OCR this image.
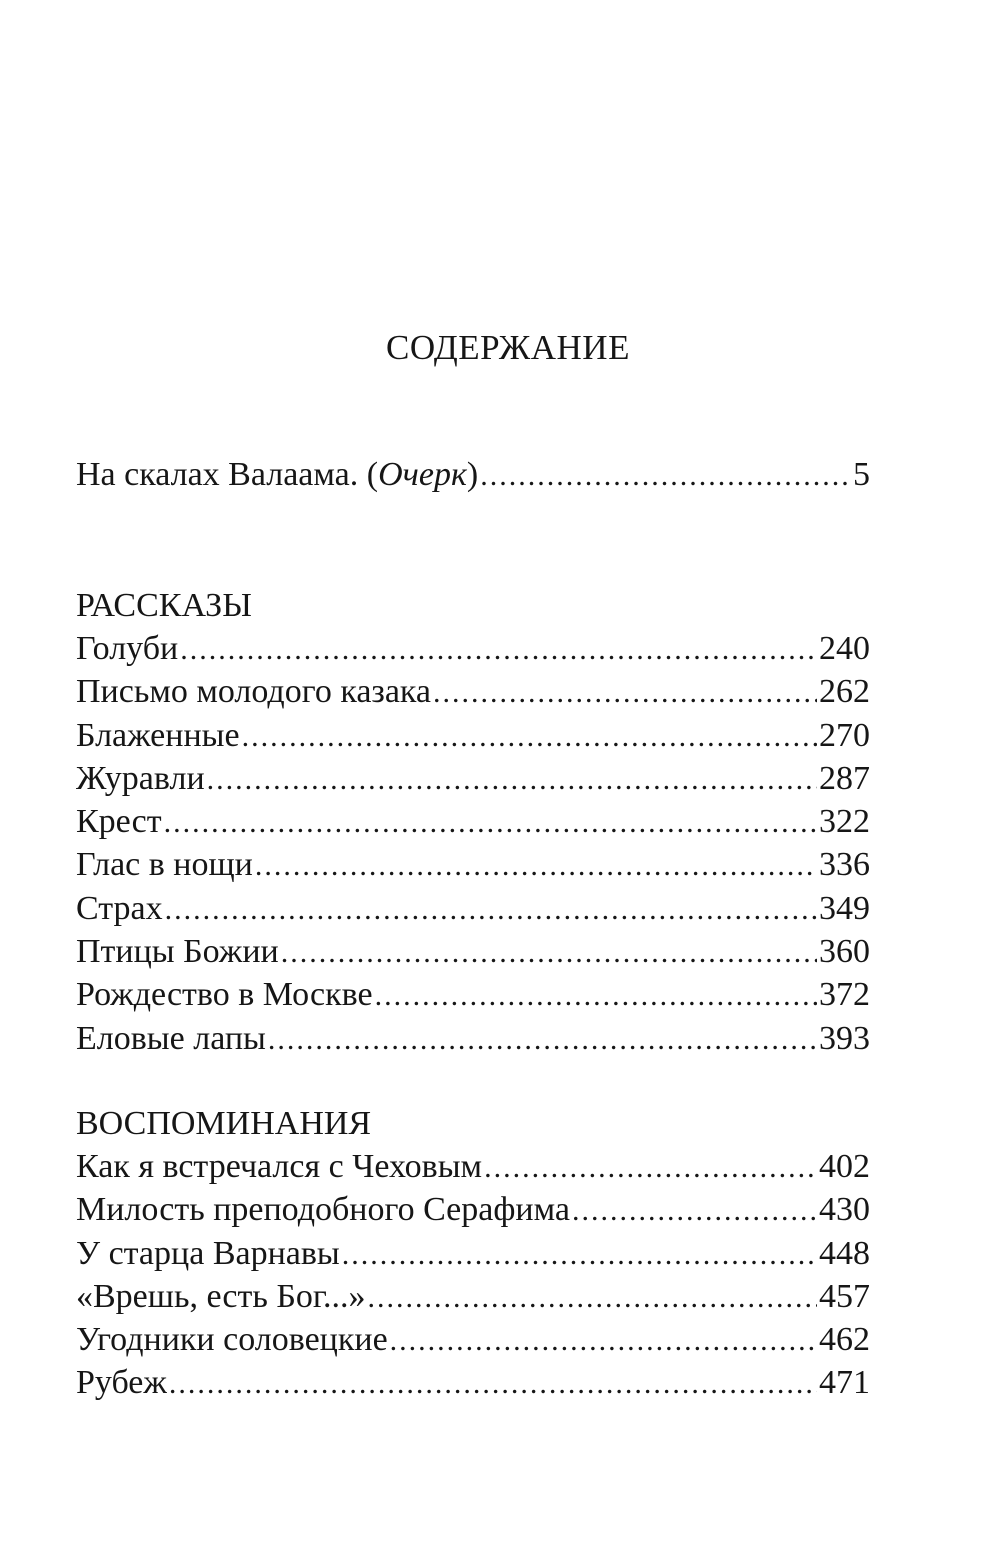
СОДЕРЖАНИЕ
На скалах Валаама. (Очерк) .....	5
РАССКАЗЫ
Голуби .....	240
Письмо молодого казака .....	262
Блаженные .....	270
Журавли .....	287
Крест .....	322
Глас в нощи .....	336
Страх .....	349
Птицы Божии .....	360
Рождество в Москве .....	372
Еловые лапы .....	393
ВОСПОМИНАНИЯ
Как я встречался с Чеховым .....	402
Милость преподобного Серафима .....	430
У старца Варнавы .....	448
«Врешь, есть Бог...» .....	457
Угодники соловецкие .....	462
Рубеж .....	471
